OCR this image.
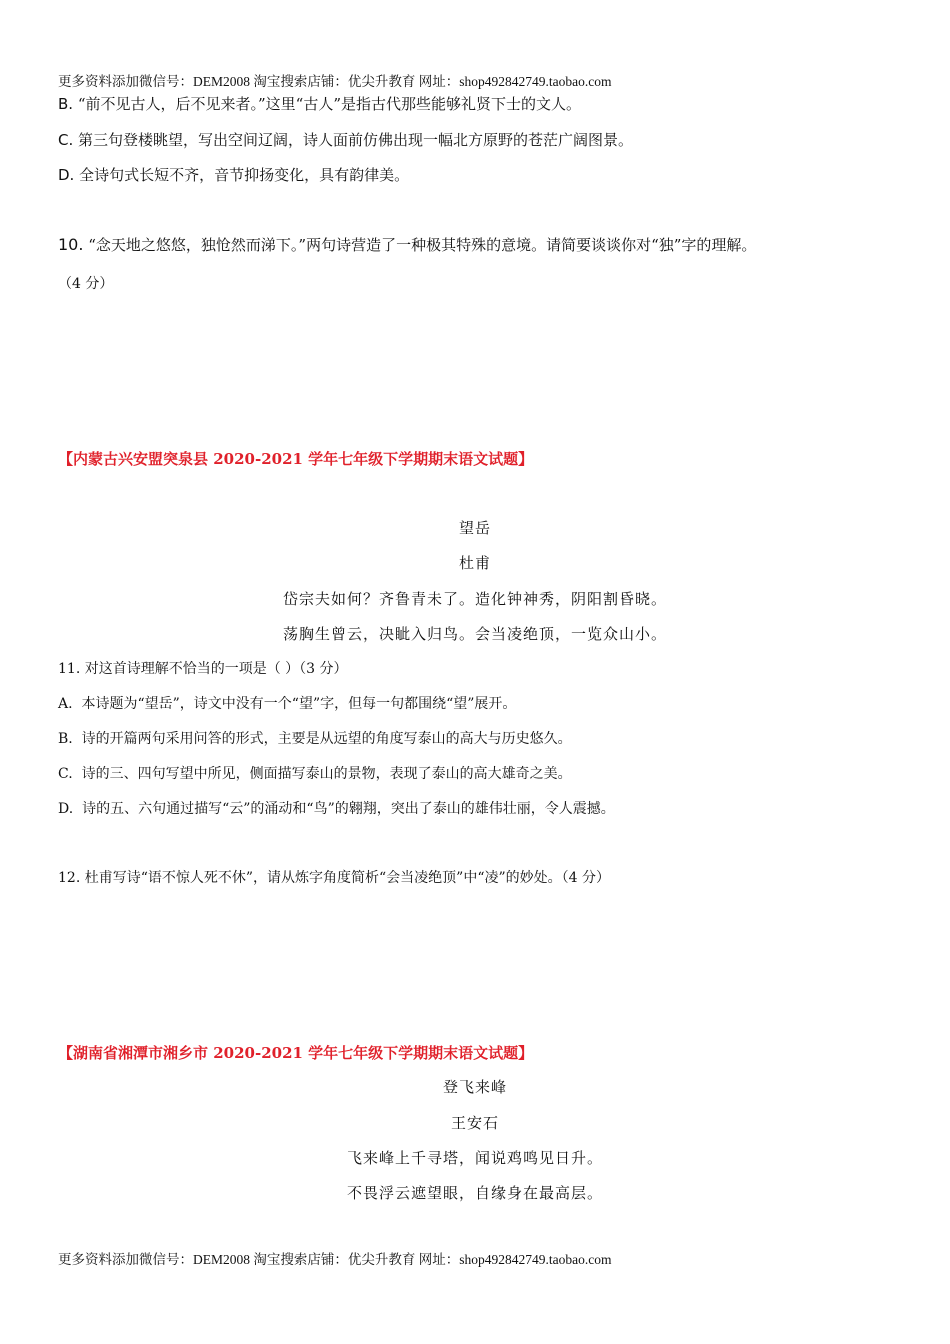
更多资料添加微信号：DEM2008 淘宝搜索店铺：优尖升教育 网址：shop492842749.taobao.com
B. “前不见古人，后不见来者。”这里“古人”是指古代那些能够礼贤下士的文人。
C. 第三句登楼眺望，写出空间辽阔，诗人面前仿佛出现一幅北方原野的苍茫广阔图景。
D. 全诗句式长短不齐，音节抑扬变化，具有韵律美。
10. “念天地之悠悠，独怆然而涕下。”两句诗营造了一种极其特殊的意境。请简要谈谈你对“独”字的理解。
（4 分）
【内蒙古兴安盟突泉县 2020-2021 学年七年级下学期期末语文试题】
望岳
杜甫
岱宗夫如何？齐鲁青未了。造化钟神秀，阴阳割昏晓。
荡胸生曾云，决眦入归鸟。会当凌绝顶，一览众山小。
11. 对这首诗理解不恰当的一项是（ ）（3 分）
A. 本诗题为“望岳”，诗文中没有一个“望”字，但每一句都围绕“望”展开。
B. 诗的开篇两句采用问答的形式，主要是从远望的角度写泰山的高大与历史悠久。
C. 诗的三、四句写望中所见，侧面描写泰山的景物，表现了泰山的高大雄奇之美。
D. 诗的五、六句通过描写“云”的涌动和“鸟”的翱翔，突出了泰山的雄伟壮丽，令人震撼。
12. 杜甫写诗“语不惊人死不休”，请从炼字角度简析“会当凌绝顶”中“凌”的妙处。（4 分）
【湖南省湘潭市湘乡市 2020-2021 学年七年级下学期期末语文试题】
登飞来峰
王安石
飞来峰上千寻塔，闻说鸡鸣见日升。
不畏浮云遮望眼，自缘身在最高层。
更多资料添加微信号：DEM2008 淘宝搜索店铺：优尖升教育 网址：shop492842749.taobao.com
